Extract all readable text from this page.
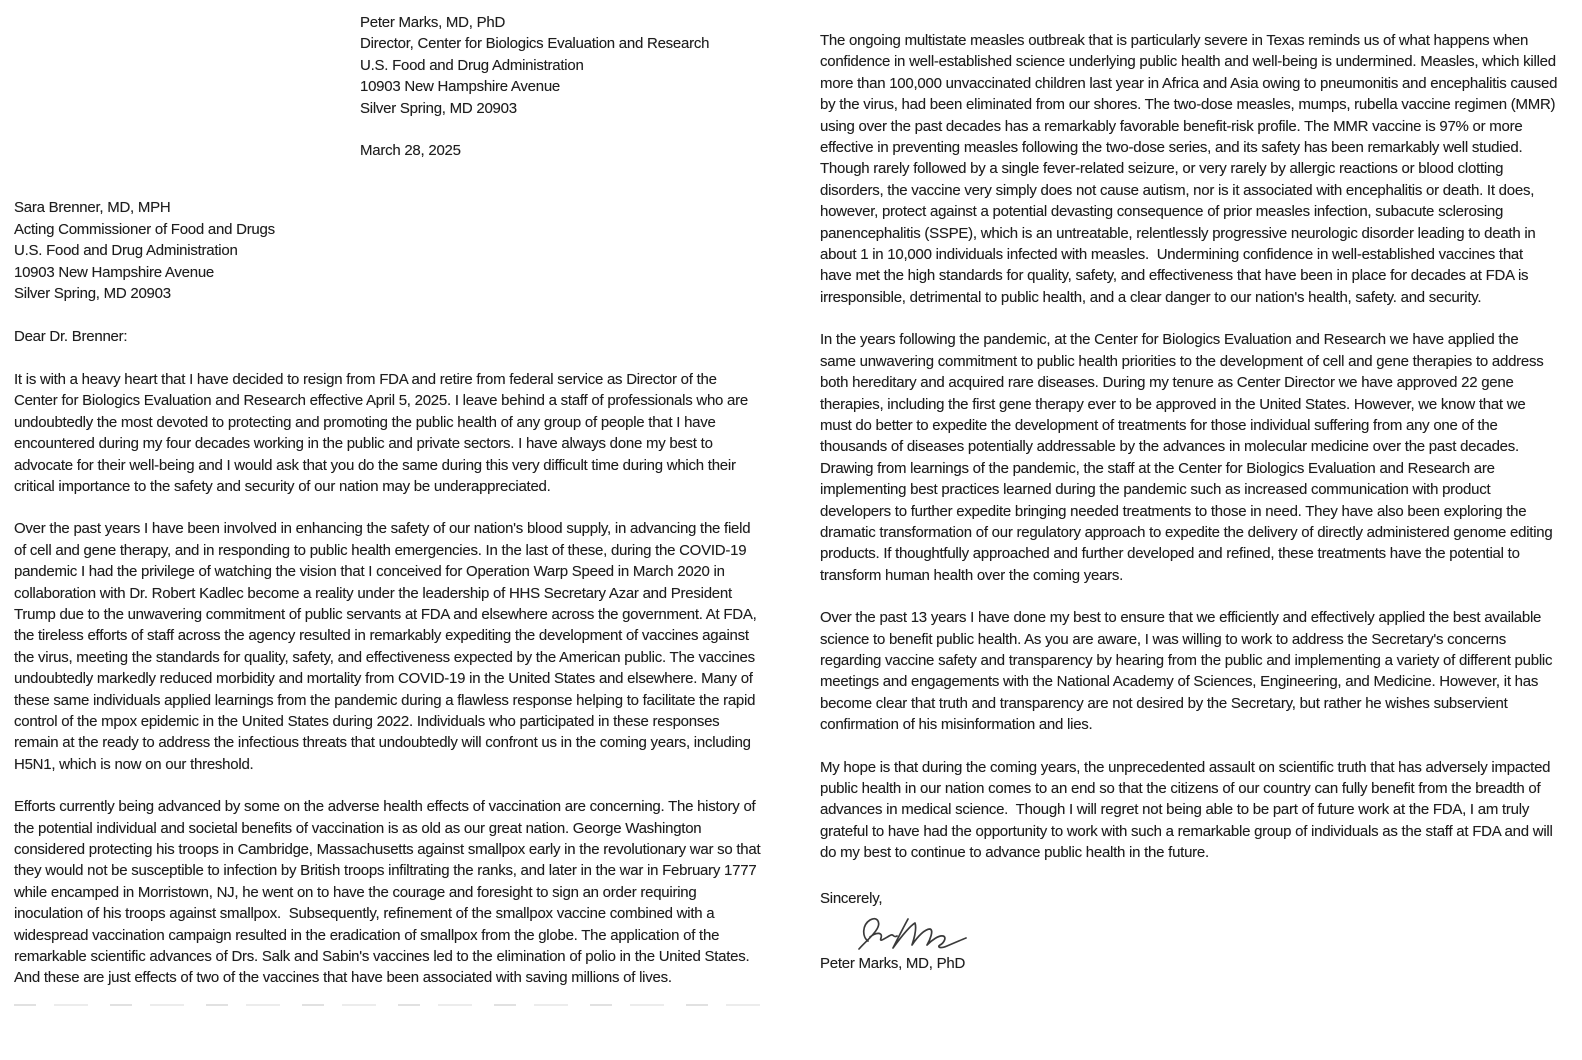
Peter Marks, MD, PhD
Director, Center for Biologics Evaluation and Research
U.S. Food and Drug Administration
10903 New Hampshire Avenue
Silver Spring, MD 20903
March 28, 2025
Sara Brenner, MD, MPH
Acting Commissioner of Food and Drugs
U.S. Food and Drug Administration
10903 New Hampshire Avenue
Silver Spring, MD 20903
Dear Dr. Brenner:
It is with a heavy heart that I have decided to resign from FDA and retire from federal service as Director of the Center for Biologics Evaluation and Research effective April 5, 2025. I leave behind a staff of professionals who are undoubtedly the most devoted to protecting and promoting the public health of any group of people that I have encountered during my four decades working in the public and private sectors. I have always done my best to advocate for their well-being and I would ask that you do the same during this very difficult time during which their critical importance to the safety and security of our nation may be underappreciated.
Over the past years I have been involved in enhancing the safety of our nation's blood supply, in advancing the field of cell and gene therapy, and in responding to public health emergencies. In the last of these, during the COVID-19 pandemic I had the privilege of watching the vision that I conceived for Operation Warp Speed in March 2020 in collaboration with Dr. Robert Kadlec become a reality under the leadership of HHS Secretary Azar and President Trump due to the unwavering commitment of public servants at FDA and elsewhere across the government. At FDA, the tireless efforts of staff across the agency resulted in remarkably expediting the development of vaccines against the virus, meeting the standards for quality, safety, and effectiveness expected by the American public. The vaccines undoubtedly markedly reduced morbidity and mortality from COVID-19 in the United States and elsewhere. Many of these same individuals applied learnings from the pandemic during a flawless response helping to facilitate the rapid control of the mpox epidemic in the United States during 2022. Individuals who participated in these responses remain at the ready to address the infectious threats that undoubtedly will confront us in the coming years, including H5N1, which is now on our threshold.
Efforts currently being advanced by some on the adverse health effects of vaccination are concerning. The history of the potential individual and societal benefits of vaccination is as old as our great nation. George Washington considered protecting his troops in Cambridge, Massachusetts against smallpox early in the revolutionary war so that they would not be susceptible to infection by British troops infiltrating the ranks, and later in the war in February 1777 while encamped in Morristown, NJ, he went on to have the courage and foresight to sign an order requiring inoculation of his troops against smallpox.  Subsequently, refinement of the smallpox vaccine combined with a widespread vaccination campaign resulted in the eradication of smallpox from the globe. The application of the remarkable scientific advances of Drs. Salk and Sabin's vaccines led to the elimination of polio in the United States. And these are just effects of two of the vaccines that have been associated with saving millions of lives.
The ongoing multistate measles outbreak that is particularly severe in Texas reminds us of what happens when confidence in well-established science underlying public health and well-being is undermined. Measles, which killed more than 100,000 unvaccinated children last year in Africa and Asia owing to pneumonitis and encephalitis caused by the virus, had been eliminated from our shores. The two-dose measles, mumps, rubella vaccine regimen (MMR) using over the past decades has a remarkably favorable benefit-risk profile. The MMR vaccine is 97% or more effective in preventing measles following the two-dose series, and its safety has been remarkably well studied.  Though rarely followed by a single fever-related seizure, or very rarely by allergic reactions or blood clotting disorders, the vaccine very simply does not cause autism, nor is it associated with encephalitis or death. It does, however, protect against a potential devasting consequence of prior measles infection, subacute sclerosing panencephalitis (SSPE), which is an untreatable, relentlessly progressive neurologic disorder leading to death in about 1 in 10,000 individuals infected with measles.  Undermining confidence in well-established vaccines that have met the high standards for quality, safety, and effectiveness that have been in place for decades at FDA is irresponsible, detrimental to public health, and a clear danger to our nation's health, safety. and security.
In the years following the pandemic, at the Center for Biologics Evaluation and Research we have applied the same unwavering commitment to public health priorities to the development of cell and gene therapies to address both hereditary and acquired rare diseases. During my tenure as Center Director we have approved 22 gene therapies, including the first gene therapy ever to be approved in the United States. However, we know that we must do better to expedite the development of treatments for those individual suffering from any one of the thousands of diseases potentially addressable by the advances in molecular medicine over the past decades. Drawing from learnings of the pandemic, the staff at the Center for Biologics Evaluation and Research are implementing best practices learned during the pandemic such as increased communication with product developers to further expedite bringing needed treatments to those in need. They have also been exploring the dramatic transformation of our regulatory approach to expedite the delivery of directly administered genome editing products. If thoughtfully approached and further developed and refined, these treatments have the potential to transform human health over the coming years.
Over the past 13 years I have done my best to ensure that we efficiently and effectively applied the best available science to benefit public health. As you are aware, I was willing to work to address the Secretary's concerns regarding vaccine safety and transparency by hearing from the public and implementing a variety of different public meetings and engagements with the National Academy of Sciences, Engineering, and Medicine. However, it has become clear that truth and transparency are not desired by the Secretary, but rather he wishes subservient confirmation of his misinformation and lies.
My hope is that during the coming years, the unprecedented assault on scientific truth that has adversely impacted public health in our nation comes to an end so that the citizens of our country can fully benefit from the breadth of advances in medical science.  Though I will regret not being able to be part of future work at the FDA, I am truly grateful to have had the opportunity to work with such a remarkable group of individuals as the staff at FDA and will do my best to continue to advance public health in the future.
Sincerely,
Peter Marks, MD, PhD
